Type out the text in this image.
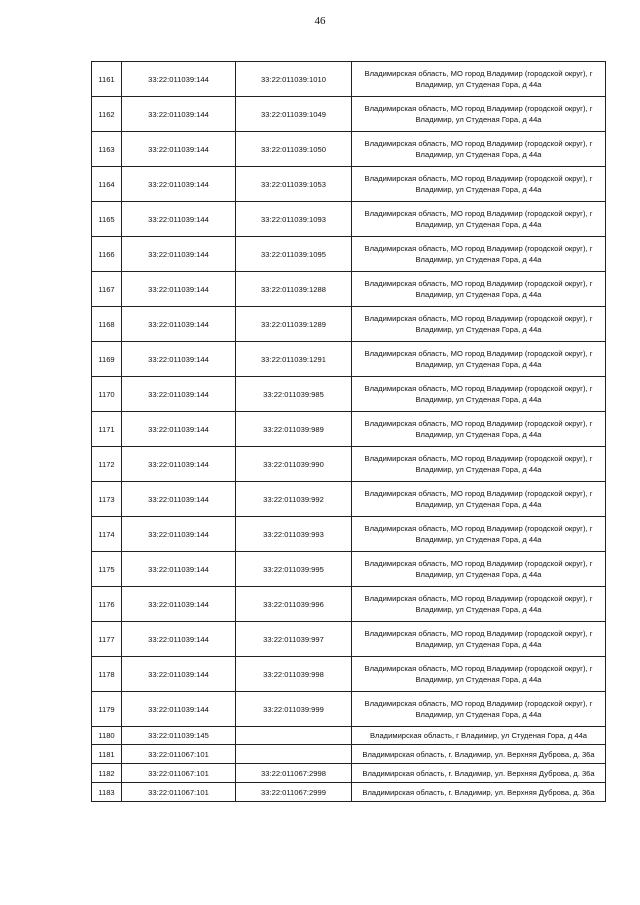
46
1161	33:22:011039:144	33:22:011039:1010	Владимирская область, МО город Владимир (городской округ), г Владимир, ул Студеная Гора, д 44а
1162	33:22:011039:144	33:22:011039:1049	Владимирская область, МО город Владимир (городской округ), г Владимир, ул Студеная Гора, д 44а
1163	33:22:011039:144	33:22:011039:1050	Владимирская область, МО город Владимир (городской округ), г Владимир, ул Студеная Гора, д 44а
1164	33:22:011039:144	33:22:011039:1053	Владимирская область, МО город Владимир (городской округ), г Владимир, ул Студеная Гора, д 44а
1165	33:22:011039:144	33:22:011039:1093	Владимирская область, МО город Владимир (городской округ), г Владимир, ул Студеная Гора, д 44а
1166	33:22:011039:144	33:22:011039:1095	Владимирская область, МО город Владимир (городской округ), г Владимир, ул Студеная Гора, д 44а
1167	33:22:011039:144	33:22:011039:1288	Владимирская область, МО город Владимир (городской округ), г Владимир, ул Студеная Гора, д 44а
1168	33:22:011039:144	33:22:011039:1289	Владимирская область, МО город Владимир (городской округ), г Владимир, ул Студеная Гора, д 44а
1169	33:22:011039:144	33:22:011039:1291	Владимирская область, МО город Владимир (городской округ), г Владимир, ул Студеная Гора, д 44а
1170	33:22:011039:144	33:22:011039:985	Владимирская область, МО город Владимир (городской округ), г Владимир, ул Студеная Гора, д 44а
1171	33:22:011039:144	33:22:011039:989	Владимирская область, МО город Владимир (городской округ), г Владимир, ул Студеная Гора, д 44а
1172	33:22:011039:144	33:22:011039:990	Владимирская область, МО город Владимир (городской округ), г Владимир, ул Студеная Гора, д 44а
1173	33:22:011039:144	33:22:011039:992	Владимирская область, МО город Владимир (городской округ), г Владимир, ул Студеная Гора, д 44а
1174	33:22:011039:144	33:22:011039:993	Владимирская область, МО город Владимир (городской округ), г Владимир, ул Студеная Гора, д 44а
1175	33:22:011039:144	33:22:011039:995	Владимирская область, МО город Владимир (городской округ), г Владимир, ул Студеная Гора, д 44а
1176	33:22:011039:144	33:22:011039:996	Владимирская область, МО город Владимир (городской округ), г Владимир, ул Студеная Гора, д 44а
1177	33:22:011039:144	33:22:011039:997	Владимирская область, МО город Владимир (городской округ), г Владимир, ул Студеная Гора, д 44а
1178	33:22:011039:144	33:22:011039:998	Владимирская область, МО город Владимир (городской округ), г Владимир, ул Студеная Гора, д 44а
1179	33:22:011039:144	33:22:011039:999	Владимирская область, МО город Владимир (городской округ), г Владимир, ул Студеная Гора, д 44а
1180	33:22:011039:145		Владимирская область, г Владимир, ул Студеная Гора, д 44а
1181	33:22:011067:101		Владимирская область, г. Владимир, ул. Верхняя Дуброва, д. 36а
1182	33:22:011067:101	33:22:011067:2998	Владимирская область, г. Владимир, ул. Верхняя Дуброва, д. 36а
1183	33:22:011067:101	33:22:011067:2999	Владимирская область, г. Владимир, ул. Верхняя Дуброва, д. 36а
